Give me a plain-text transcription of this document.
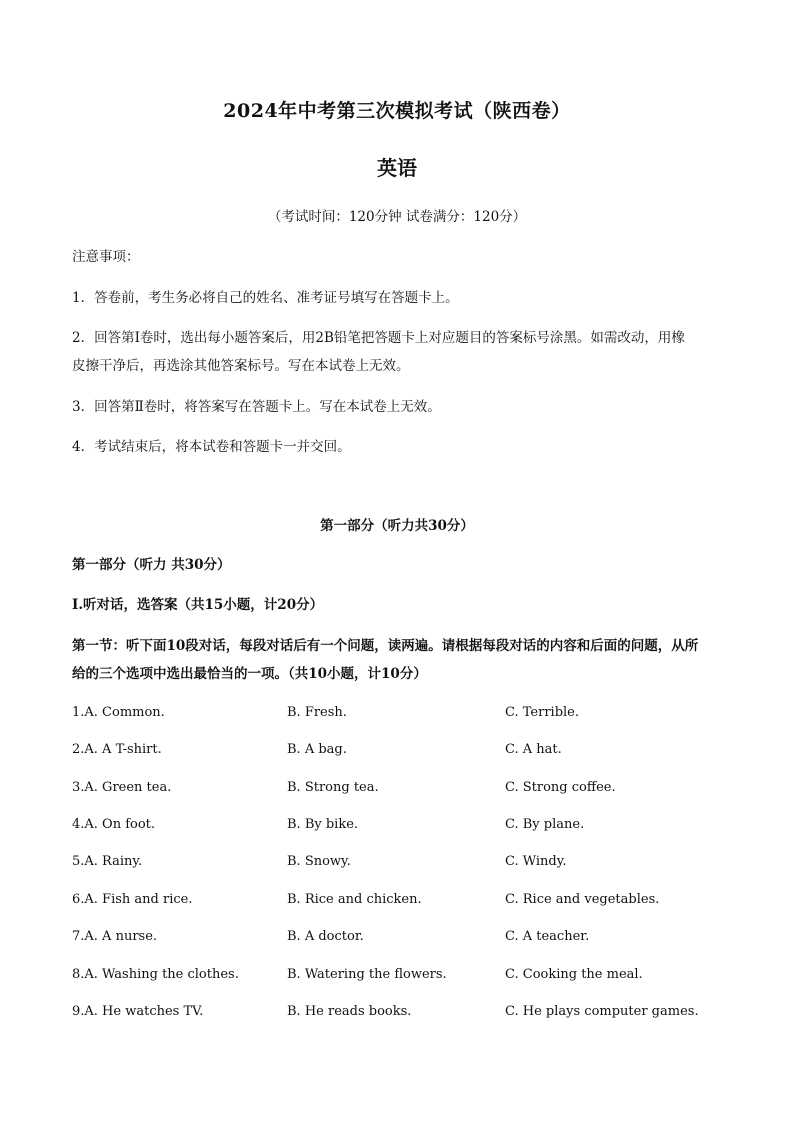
2024年中考第三次模拟考试（陕西卷）
英语
（考试时间：120分钟 试卷满分：120分）
注意事项：
1．答卷前，考生务必将自己的姓名、准考证号填写在答题卡上。
2．回答第Ⅰ卷时，选出每小题答案后，用2B铅笔把答题卡上对应题目的答案标号涂黑。如需改动，用橡
皮擦干净后，再选涂其他答案标号。写在本试卷上无效。
3．回答第Ⅱ卷时，将答案写在答题卡上。写在本试卷上无效。
4．考试结束后，将本试卷和答题卡一并交回。
第一部分（听力共30分）
第一部分（听力 共30分）
I.听对话，选答案（共15小题，计20分）
第一节：听下面10段对话，每段对话后有一个问题，读两遍。请根据每段对话的内容和后面的问题，从所
给的三个选项中选出最恰当的一项。（共10小题，计10分）
1.A. Common.	B. Fresh.	C. Terrible.
2.A. A T-shirt.	B. A bag.	C. A hat.
3.A. Green tea.	B. Strong tea.	C. Strong coffee.
4.A. On foot.	B. By bike.	C. By plane.
5.A. Rainy.	B. Snowy.	C. Windy.
6.A. Fish and rice.	B. Rice and chicken.	C. Rice and vegetables.
7.A. A nurse.	B. A doctor.	C. A teacher.
8.A. Washing the clothes.	B. Watering the flowers.	C. Cooking the meal.
9.A. He watches TV.	B. He reads books.	C. He plays computer games.
